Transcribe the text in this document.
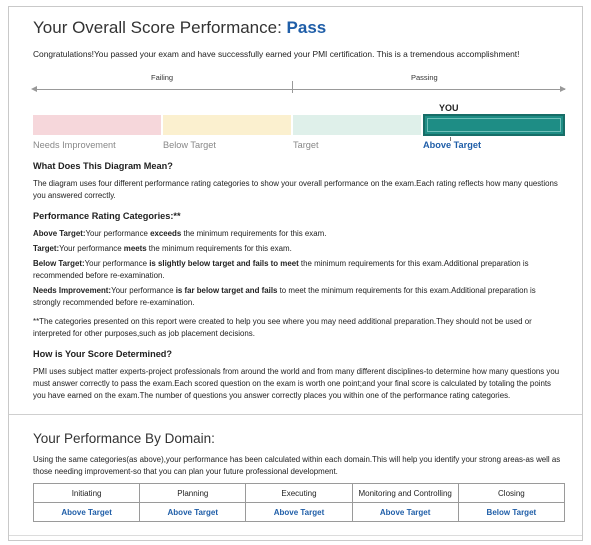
Your Overall Score Performance: Pass
Congratulations!You passed your exam and have successfully earned your PMI certification. This is a tremendous accomplishment!
Failing	Passing
YOU
Needs Improvement	Below Target	Target	Above Target
What Does This Diagram Mean?
The diagram uses four different performance rating categories to show your overall performance on the exam.Each rating reflects how many questions you answered correctly.
Performance Rating Categories:**
Above Target:Your performance exceeds the minimum requirements for this exam.
Target:Your performance meets the minimum requirements for this exam.
Below Target:Your performance is slightly below target and fails to meet the minimum requirements for this exam.Additional preparation is recommended before re-examination.
Needs Improvement:Your performance is far below target and fails to meet the minimum requirements for this exam.Additional preparation is strongly recommended before re-examination.
**The categories presented on this report were created to help you see where you may need additional preparation.They should not be used or interpreted for other purposes,such as job placement decisions.
How is Your Score Determined?
PMI uses subject matter experts-project professionals from around the world and from many different disciplines-to determine how many questions you must answer correctly to pass the exam.Each scored question on the exam is worth one point;and your final score is calculated by totaling the points you have earned on the exam.The number of questions you answer correctly places you within one of the performance rating categories.
Your Performance By Domain:
Using the same categories(as above),your performance has been calculated within each domain.This will help you identify your strong areas-as well as those needing improvement-so that you can plan your future professional development.
Initiating	Planning	Executing	Monitoring and Controlling	Closing
Above Target	Above Target	Above Target	Above Target	Below Target
